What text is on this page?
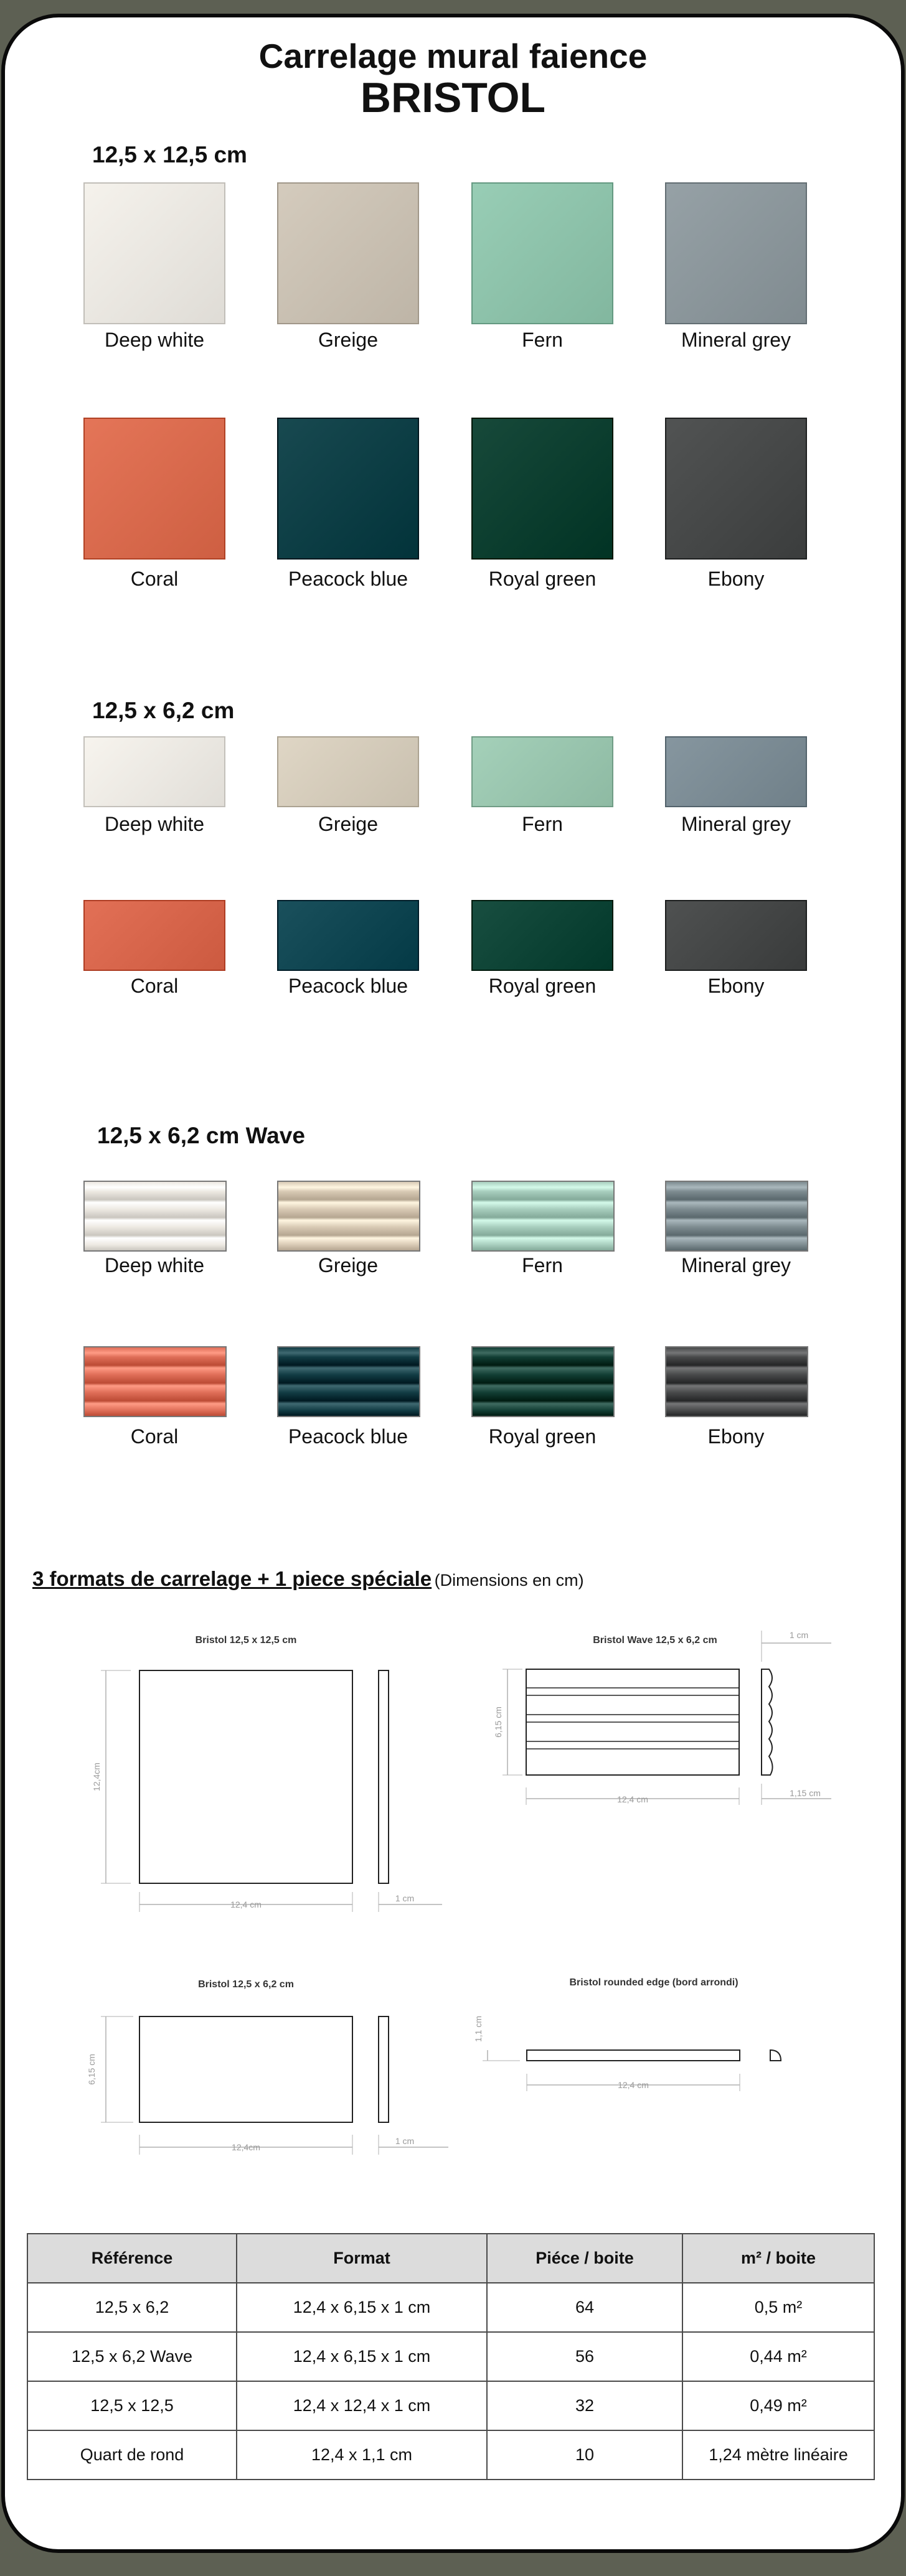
Carrelage mural faience
BRISTOL
12,5 x 12,5 cm
Deep white	Greige	Fern	Mineral grey
Coral	Peacock blue	Royal green	Ebony
12,5 x 6,2 cm
Deep white	Greige	Fern	Mineral grey
Coral	Peacock blue	Royal green	Ebony
12,5 x 6,2 cm Wave
Deep white	Greige	Fern	Mineral grey
Coral	Peacock blue	Royal green	Ebony
3 formats de carrelage + 1 piece spéciale (Dimensions en cm)
Bristol 12,5 x 12,5 cm
12,4 cm
12,4cm
1 cm
Bristol Wave 12,5 x 6,2 cm
12,4 cm
6,15 cm
1 cm
1,15 cm
Bristol 12,5 x 6,2 cm
12,4cm
6,15 cm
1 cm
Bristol rounded edge (bord arrondi)
12,4 cm
1,1 cm
Référence	Format	Piéce / boite	m² / boite
12,5 x 6,2	12,4 x 6,15 x 1 cm	64	0,5 m²
12,5 x 6,2 Wave	12,4 x 6,15 x 1 cm	56	0,44 m²
12,5 x 12,5	12,4 x 12,4 x 1 cm	32	0,49 m²
Quart de rond	12,4 x 1,1 cm	10	1,24 mètre linéaire
